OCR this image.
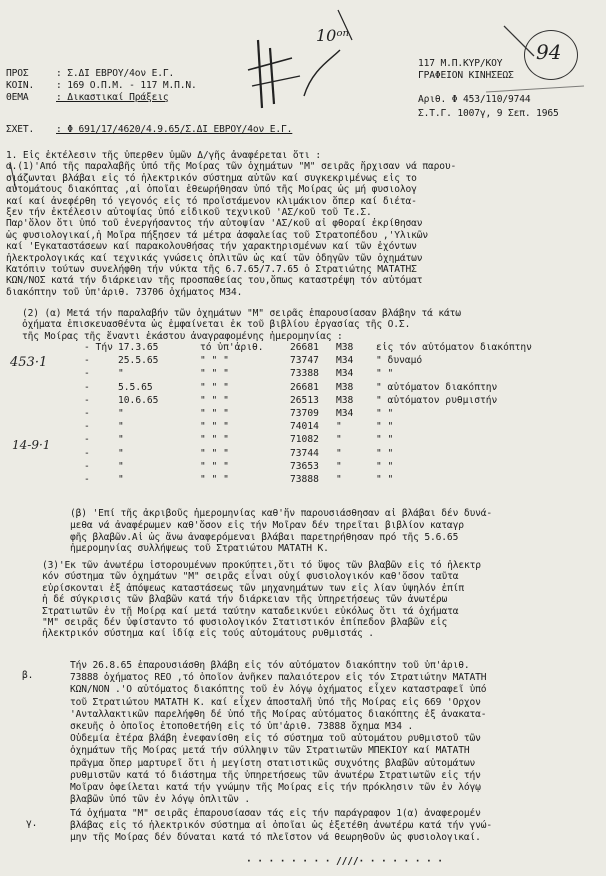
10ᵒⁿ
94
453·1
14-9·1
ΠΡΟΣ
ΚΟΙΝ.
ΘΕΜΑ
: Σ.ΔΙ ΕΒΡΟΥ/4ον Ε.Γ.
: 169 Ο.Π.Μ. - 117 Μ.Π.Ν.
: Δικαστικαί Πράξεις
117 Μ.Π.ΚΥΡ/ΚΟΥ
ΓΡΑΦΕΙΟΝ ΚΙΝΗΣΕΩΣ
Αριθ. Φ 453/110/9744
Σ.Τ.Γ. 1007γ, 9 Σεπ. 1965
ΣΧΕΤ. : Φ 691/17/4620/4.9.65/Σ.ΔΙ ΕΒΡΟΥ/4ον Ε.Γ.
1. Εἰς ἐκτέλεσιν τῆς ὑπερθεν ὑμῶν Δ/γῆς ἀναφέρεται ὅτι :
α.(1)'Από τῆς παραλαβῆς ὑπό τῆς Μοίρας τῶν ὀχημάτων "Μ" σειρᾶς ἤρχισαν νά παρου-
σιάζωνται βλάβαι εἰς τό ἠλεκτρικόν σύστημα αὐτῶν καί συγκεκριμένως εἰς το
αὐτομάτους διακόπτας ,αἱ ὁποῖαι ἐθεωρήθησαν ὑπό τῆς Μοίρας ὡς μή φυσιολογ
καί καί ἀνεφέρθη τό γεγονός εἰς τό προϊστάμενον κλιμάκιον ὅπερ καί διέτα-
ξεν τήν ἐκτέλεσιν αὐτοψίας ὑπό εἰδικοῦ τεχνικοῦ 'ΑΣ/κοῦ τοῦ Τε.Σ.
Παρ'ὅλον ὅτι ὑπό τοῦ ἐνεργήσαντος τήν αὐτοψίαν 'ΑΣ/κοῦ αἱ φθοραί ἐκρίθησαν
ὡς φυσιολογικαί,ἡ Μοῖρα πήξησεν τά μέτρα ἀσφαλείας τοῦ Στρατοπέδου ,'Υλικῶν
καί 'Εγκαταστάσεων καί παρακολουθήσας τήν χαρακτηρισμένων καί τῶν ἐχόντων
ἠλεκτρολογικάς καί τεχνικάς γνώσεις ὁπλιτῶν ὡς καί τῶν ὁδηγῶν τῶν ὀχημάτων
Κατόπιν τούτων συνελήφθη τήν νύκτα τῆς 6.7.65/7.7.65 ὁ Στρατιώτης ΜΑΤΑΤΗΣ
ΚΩΝ/ΝΟΣ κατά τήν διάρκειαν τῆς προσπαθείας του,ὅπως καταστρέψη τόν αὐτόματ
διακόπτην τοῦ ὑπ'ἀριθ. 73706 ὀχήματος Μ34.
(2) (α) Μετά τήν παραλαβήν τῶν ὀχημάτων "Μ" σειρᾶς ἐπαρουσίασαν βλάβην τά κάτω
ὀχήματα ἐπισκευασθέντα ὡς ἐμφαίνεται ἐκ τοῦ βιβλίου ἐργασίας τῆς Ο.Σ.
τῆς Μοίρας τῆς ἔναντι ἑκάστου ἀναγραφομένης ἡμερομηνίας :
- Τήν 17.3.65	τό ὑπ'ἀριθ.	26681 Μ38 εἰς τόν αὐτόματον διακόπτην
-	25.5.65	" " "	73747 Μ34 " δυναμό
-	"	" " "	73388 Μ34 " "
-	5.5.65	" " "	26681 Μ38 " αὐτόματον διακόπτην
-	10.6.65	" " "	26513 Μ38 " αὐτόματον ρυθμιστήν
-	"	" " "	73709 Μ34 " "
-	"	" " "	74014 "	" "
-	"	" " "	71082 "	" "
-	"	" " "	73744 "	" "
-	"	" " "	73653 "	" "
-	"	" " "	73888 "	" "
(β) 'Επί τῆς ἀκριβοῦς ἡμερομηνίας καθ'ἥν παρουσιάσθησαν αἱ βλάβαι δέν δυνά-
μεθα νά ἀναφέρωμεν καθ'ὅσον εἰς τήν Μοῖραν δέν τηρεῖται βιβλίον καταγρ
φῆς βλαβῶν.Αἱ ὡς ἄνω ἀναφερόμεναι βλάβαι παρετηρήθησαν πρό τῆς 5.6.65
ἡμερομηνίας συλλήψεως τοῦ Στρατιώτου ΜΑΤΑΤΗ Κ.
(3)'Εκ τῶν ἀνωτέρω ἱστορουμένων προκύπτει,ὅτι τό ὕψος τῶν βλαβῶν εἰς τό ἠλεκτρ
κόν σύστημα τῶν ὀχημάτων "Μ" σειρᾶς εἶναι οὐχί φυσιολογικόν καθ'ὅσον ταῦτα
εὑρίσκονται ἐξ ἀπόψεως καταστάσεως τῶν μηχανημάτων των εἰς λίαν ὑψηλόν ἐπίπ
ἡ δέ σύγκρισις τῶν βλαβῶν κατά τήν διάρκειαν τῆς ὑπηρετήσεως τῶν ἀνωτέρω
Στρατιωτῶν ἐν τῇ Μοίρᾳ καί μετά ταύτην καταδεικνύει εὐκόλως ὅτι τά ὀχήματα
"Μ" σειρᾶς δέν ὑφίσταντο τό φυσιολογικόν Στατιστικόν ἐπίπεδον βλαβῶν εἰς
ἠλεκτρικόν σύστημα καί ἰδίᾳ εἰς τούς αὐτομάτους ρυθμιστάς .
β.
Τήν 26.8.65 ἐπαρουσιάσθη βλάβη εἰς τόν αὐτόματον διακόπτην τοῦ ὑπ'ἀριθ.
73888 ὀχήματος REO ,τό ὁποῖον ἀνῆκεν παλαιότερον εἰς τόν Στρατιώτην ΜΑΤΑΤΗ
ΚΩΝ/ΝΟΝ .'Ο αὐτόματος διακόπτης τοῦ ἐν λόγῳ ὀχήματος εἶχεν καταστραφεῖ ὑπό
τοῦ Στρατιώτου ΜΑΤΑΤΗ Κ. καί εἶχεν ἀποσταλῆ ὑπό τῆς Μοίρας εἰς 669 'Ορχον
'Ανταλλακτικῶν παρελήφθη δέ ὑπό τῆς Μοίρας αὐτόματος διακόπτης ἐξ ἀνακατα-
σκευῆς ὁ ὁποῖος ἐτοποθετήθη εἰς τό ὑπ'ἀριθ. 73888 ὄχημα Μ34 .
Οὐδεμία ἑτέρα βλάβη ἐνεφανίσθη εἰς τό σύστημα τοῦ αὐτομάτου ρυθμιστοῦ τῶν
ὀχημάτων τῆς Μοίρας μετά τήν σύλληψιν τῶν Στρατιωτῶν ΜΠΕΚΙΟΥ καί ΜΑΤΑΤΗ
πρᾶγμα ὅπερ μαρτυρεῖ ὅτι ἡ μεγίστη στατιστικῶς συχνότης βλαβῶν αὐτομάτων
ρυθμιστῶν κατά τό διάστημα τῆς ὑπηρετήσεως τῶν ἀνωτέρω Στρατιωτῶν εἰς τήν
Μοῖραν ὀφείλεται κατά τήν γνώμην τῆς Μοίρας εἰς τήν πρόκλησιν τῶν ἐν λόγῳ
βλαβῶν ὑπό τῶν ἐν λόγῳ ὁπλιτῶν .
γ.
Τά ὀχήματα "Μ" σειρᾶς ἐπαρουσίασαν τάς εἰς τήν παράγραφον 1(α) ἀναφερομέν
βλάβας εἰς τό ἠλεκτρικόν σύστημα αἱ ὁποῖαι ὡς ἐξετέθη ἀνωτέρω κατά τήν γνώ-
μην τῆς Μοίρας δέν δύναται κατά τό πλεῖστον νά θεωρηθοῦν ὡς φυσιολογικαί.
· · · · · · · · ////· · · · · · · ·
